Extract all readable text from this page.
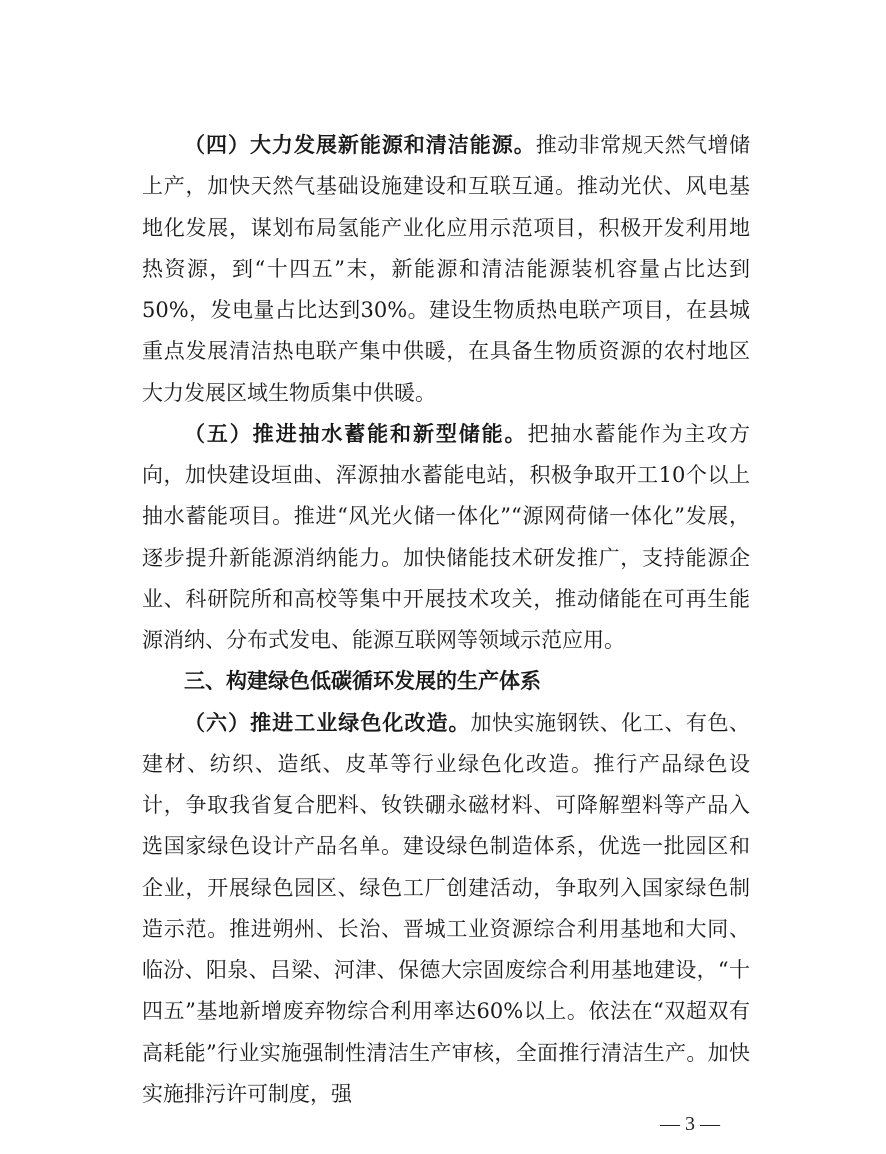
（四）大力发展新能源和清洁能源。推动非常规天然气增储上产，加快天然气基础设施建设和互联互通。推动光伏、风电基地化发展，谋划布局氢能产业化应用示范项目，积极开发利用地热资源，到“十四五”末，新能源和清洁能源装机容量占比达到50%，发电量占比达到30%。建设生物质热电联产项目，在县城重点发展清洁热电联产集中供暖，在具备生物质资源的农村地区大力发展区域生物质集中供暖。

（五）推进抽水蓄能和新型储能。把抽水蓄能作为主攻方向，加快建设垣曲、浑源抽水蓄能电站，积极争取开工10个以上抽水蓄能项目。推进“风光火储一体化”“源网荷储一体化”发展，逐步提升新能源消纳能力。加快储能技术研发推广，支持能源企业、科研院所和高校等集中开展技术攻关，推动储能在可再生能源消纳、分布式发电、能源互联网等领域示范应用。

三、构建绿色低碳循环发展的生产体系

（六）推进工业绿色化改造。加快实施钢铁、化工、有色、建材、纺织、造纸、皮革等行业绿色化改造。推行产品绿色设计，争取我省复合肥料、钕铁硼永磁材料、可降解塑料等产品入选国家绿色设计产品名单。建设绿色制造体系，优选一批园区和企业，开展绿色园区、绿色工厂创建活动，争取列入国家绿色制造示范。推进朔州、长治、晋城工业资源综合利用基地和大同、临汾、阳泉、吕梁、河津、保德大宗固废综合利用基地建设，“十四五”基地新增废弃物综合利用率达60%以上。依法在“双超双有高耗能”行业实施强制性清洁生产审核，全面推行清洁生产。加快实施排污许可制度，强

— 3 —
